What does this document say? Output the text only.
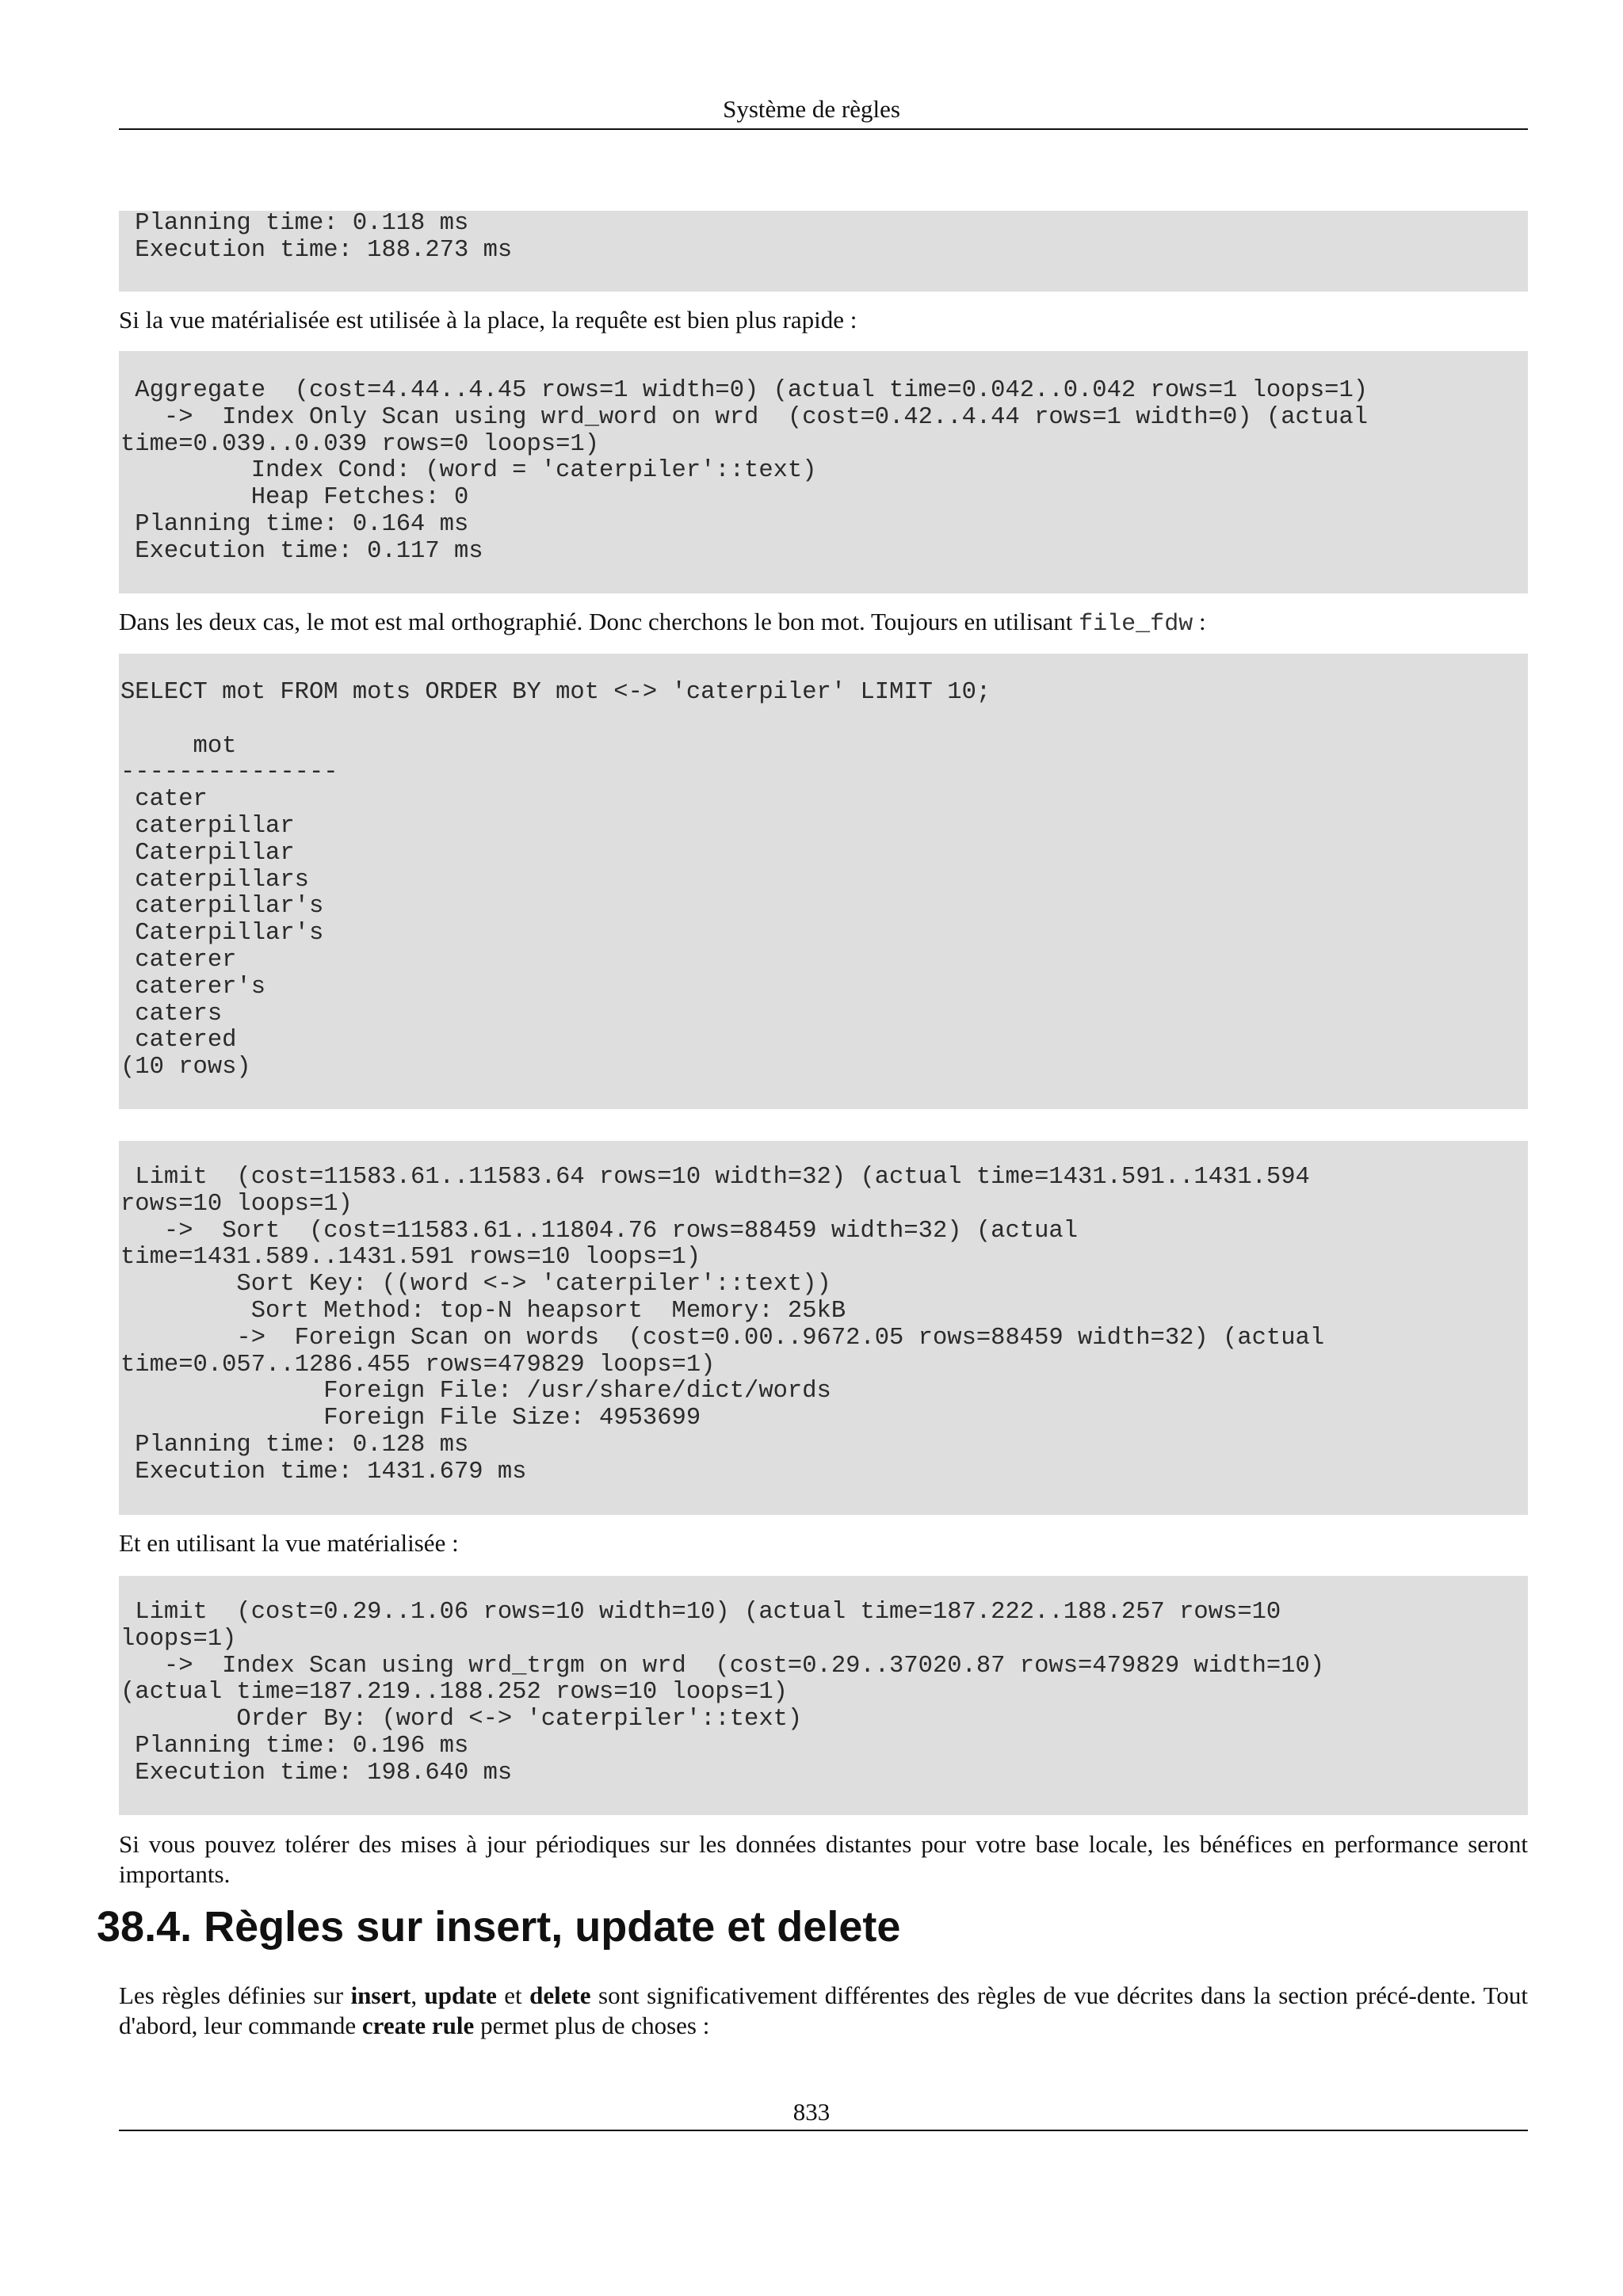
Système de règles
Planning time: 0.118 ms
Execution time: 188.273 ms

Si la vue matérialisée est utilisée à la place, la requête est bien plus rapide :

Aggregate  (cost=4.44..4.45 rows=1 width=0) (actual time=0.042..0.042 rows=1 loops=1)
->  Index Only Scan using wrd_word on wrd  (cost=0.42..4.44 rows=1 width=0) (actual
time=0.039..0.039 rows=0 loops=1)
Index Cond: (word = 'caterpiler'::text)
Heap Fetches: 0
Planning time: 0.164 ms
Execution time: 0.117 ms

Dans les deux cas, le mot est mal orthographié. Donc cherchons le bon mot. Toujours en utilisant file_fdw :

SELECT mot FROM mots ORDER BY mot <-> 'caterpiler' LIMIT 10;

mot
---------------
cater
caterpillar
Caterpillar
caterpillars
caterpillar's
Caterpillar's
caterer
caterer's
caters
catered
(10 rows)
Limit  (cost=11583.61..11583.64 rows=10 width=32) (actual time=1431.591..1431.594
rows=10 loops=1)
->  Sort  (cost=11583.61..11804.76 rows=88459 width=32) (actual
time=1431.589..1431.591 rows=10 loops=1)
Sort Key: ((word <-> 'caterpiler'::text))
Sort Method: top-N heapsort  Memory: 25kB
->  Foreign Scan on words  (cost=0.00..9672.05 rows=88459 width=32) (actual
time=0.057..1286.455 rows=479829 loops=1)
Foreign File: /usr/share/dict/words
Foreign File Size: 4953699
Planning time: 0.128 ms
Execution time: 1431.679 ms

Et en utilisant la vue matérialisée :

Limit  (cost=0.29..1.06 rows=10 width=10) (actual time=187.222..188.257 rows=10
loops=1)
->  Index Scan using wrd_trgm on wrd  (cost=0.29..37020.87 rows=479829 width=10)
(actual time=187.219..188.252 rows=10 loops=1)
Order By: (word <-> 'caterpiler'::text)
Planning time: 0.196 ms
Execution time: 198.640 ms

Si vous pouvez tolérer des mises à jour périodiques sur les données distantes pour votre base locale, les bénéfices en performance seront importants.

38.4. Règles sur insert, update et delete

Les règles définies sur insert, update et delete sont significativement différentes des règles de vue décrites dans la section précé-dente. Tout d'abord, leur commande create rule permet plus de choses :

833
